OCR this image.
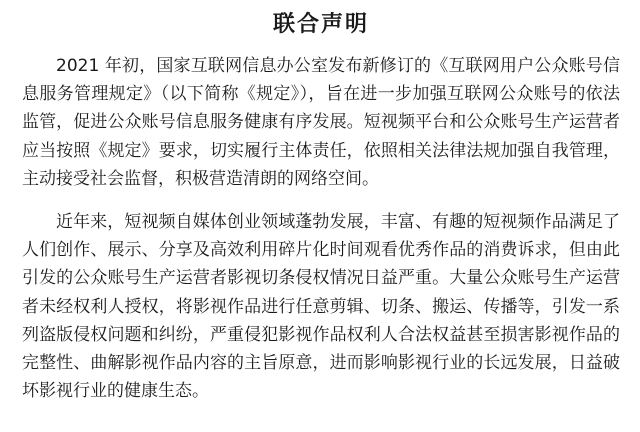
联合声明

2021 年初，国家互联网信息办公室发布新修订的《互联网用户公众账号信息服务管理规定》（以下简称《规定》），旨在进一步加强互联网公众账号的依法监管，促进公众账号信息服务健康有序发展。短视频平台和公众账号生产运营者应当按照《规定》要求，切实履行主体责任，依照相关法律法规加强自我管理，主动接受社会监督，积极营造清朗的网络空间。

近年来，短视频自媒体创业领域蓬勃发展，丰富、有趣的短视频作品满足了人们创作、展示、分享及高效利用碎片化时间观看优秀作品的消费诉求，但由此引发的公众账号生产运营者影视切条侵权情况日益严重。大量公众账号生产运营者未经权利人授权，将影视作品进行任意剪辑、切条、搬运、传播等，引发一系列盗版侵权问题和纠纷，严重侵犯影视作品权利人合法权益甚至损害影视作品的完整性、曲解影视作品内容的主旨原意，进而影响影视行业的长远发展，日益破坏影视行业的健康生态。
